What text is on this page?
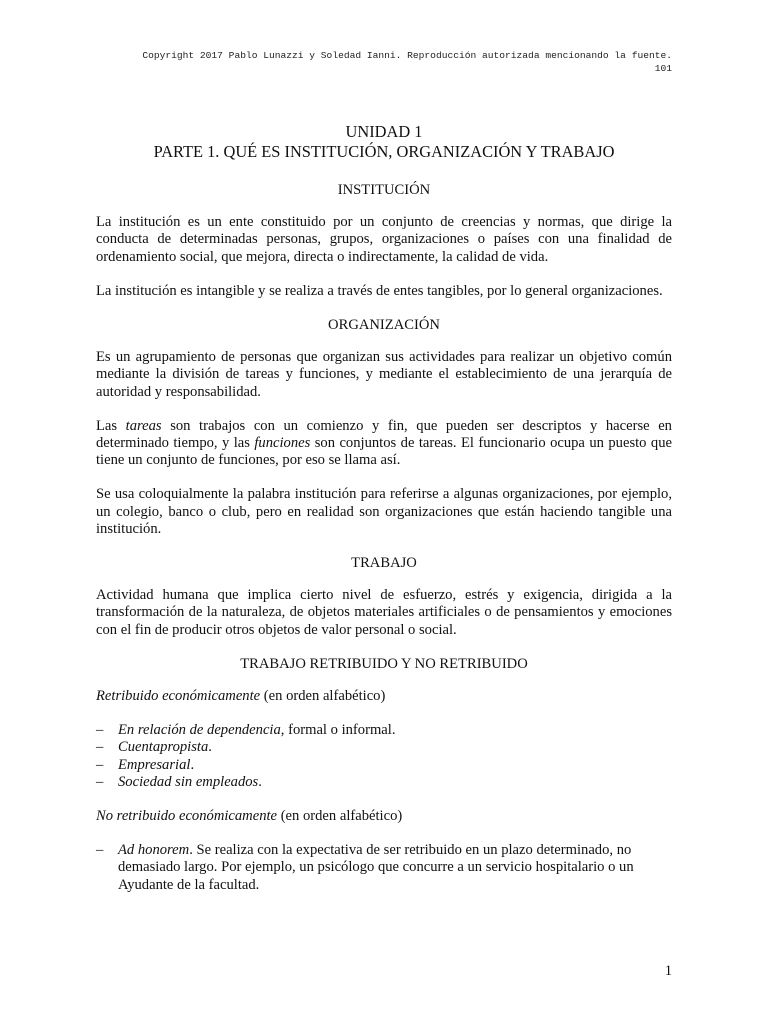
Copyright 2017 Pablo Lunazzi y Soledad Ianni. Reproducción autorizada mencionando la fuente.
101
UNIDAD 1
PARTE 1. QUÉ ES INSTITUCIÓN, ORGANIZACIÓN Y TRABAJO
INSTITUCIÓN

La institución es un ente constituido por un conjunto de creencias y normas, que dirige la conducta de determinadas personas, grupos, organizaciones o países con una finalidad de ordenamiento social, que mejora, directa o indirectamente, la calidad de vida.

La institución es intangible y se realiza a través de entes tangibles, por lo general organizaciones.

ORGANIZACIÓN

Es un agrupamiento de personas que organizan sus actividades para realizar un objetivo común mediante la división de tareas y funciones, y mediante el establecimiento de una jerarquía de autoridad y responsabilidad.

Las tareas son trabajos con un comienzo y fin, que pueden ser descriptos y hacerse en determinado tiempo, y las funciones son conjuntos de tareas. El funcionario ocupa un puesto que tiene un conjunto de funciones, por eso se llama así.

Se usa coloquialmente la palabra institución para referirse a algunas organizaciones, por ejemplo, un colegio, banco o club, pero en realidad son organizaciones que están haciendo tangible una institución.

TRABAJO

Actividad humana que implica cierto nivel de esfuerzo, estrés y exigencia, dirigida a la transformación de la naturaleza, de objetos materiales artificiales o de pensamientos y emociones con el fin de producir otros objetos de valor personal o social.

TRABAJO RETRIBUIDO Y NO RETRIBUIDO

Retribuido económicamente (en orden alfabético)

– En relación de dependencia, formal o informal.
– Cuentapropista.
– Empresarial.
– Sociedad sin empleados.

No retribuido económicamente (en orden alfabético)

– Ad honorem. Se realiza con la expectativa de ser retribuido en un plazo determinado, no demasiado largo. Por ejemplo, un psicólogo que concurre a un servicio hospitalario o un Ayudante de la facultad.
1
